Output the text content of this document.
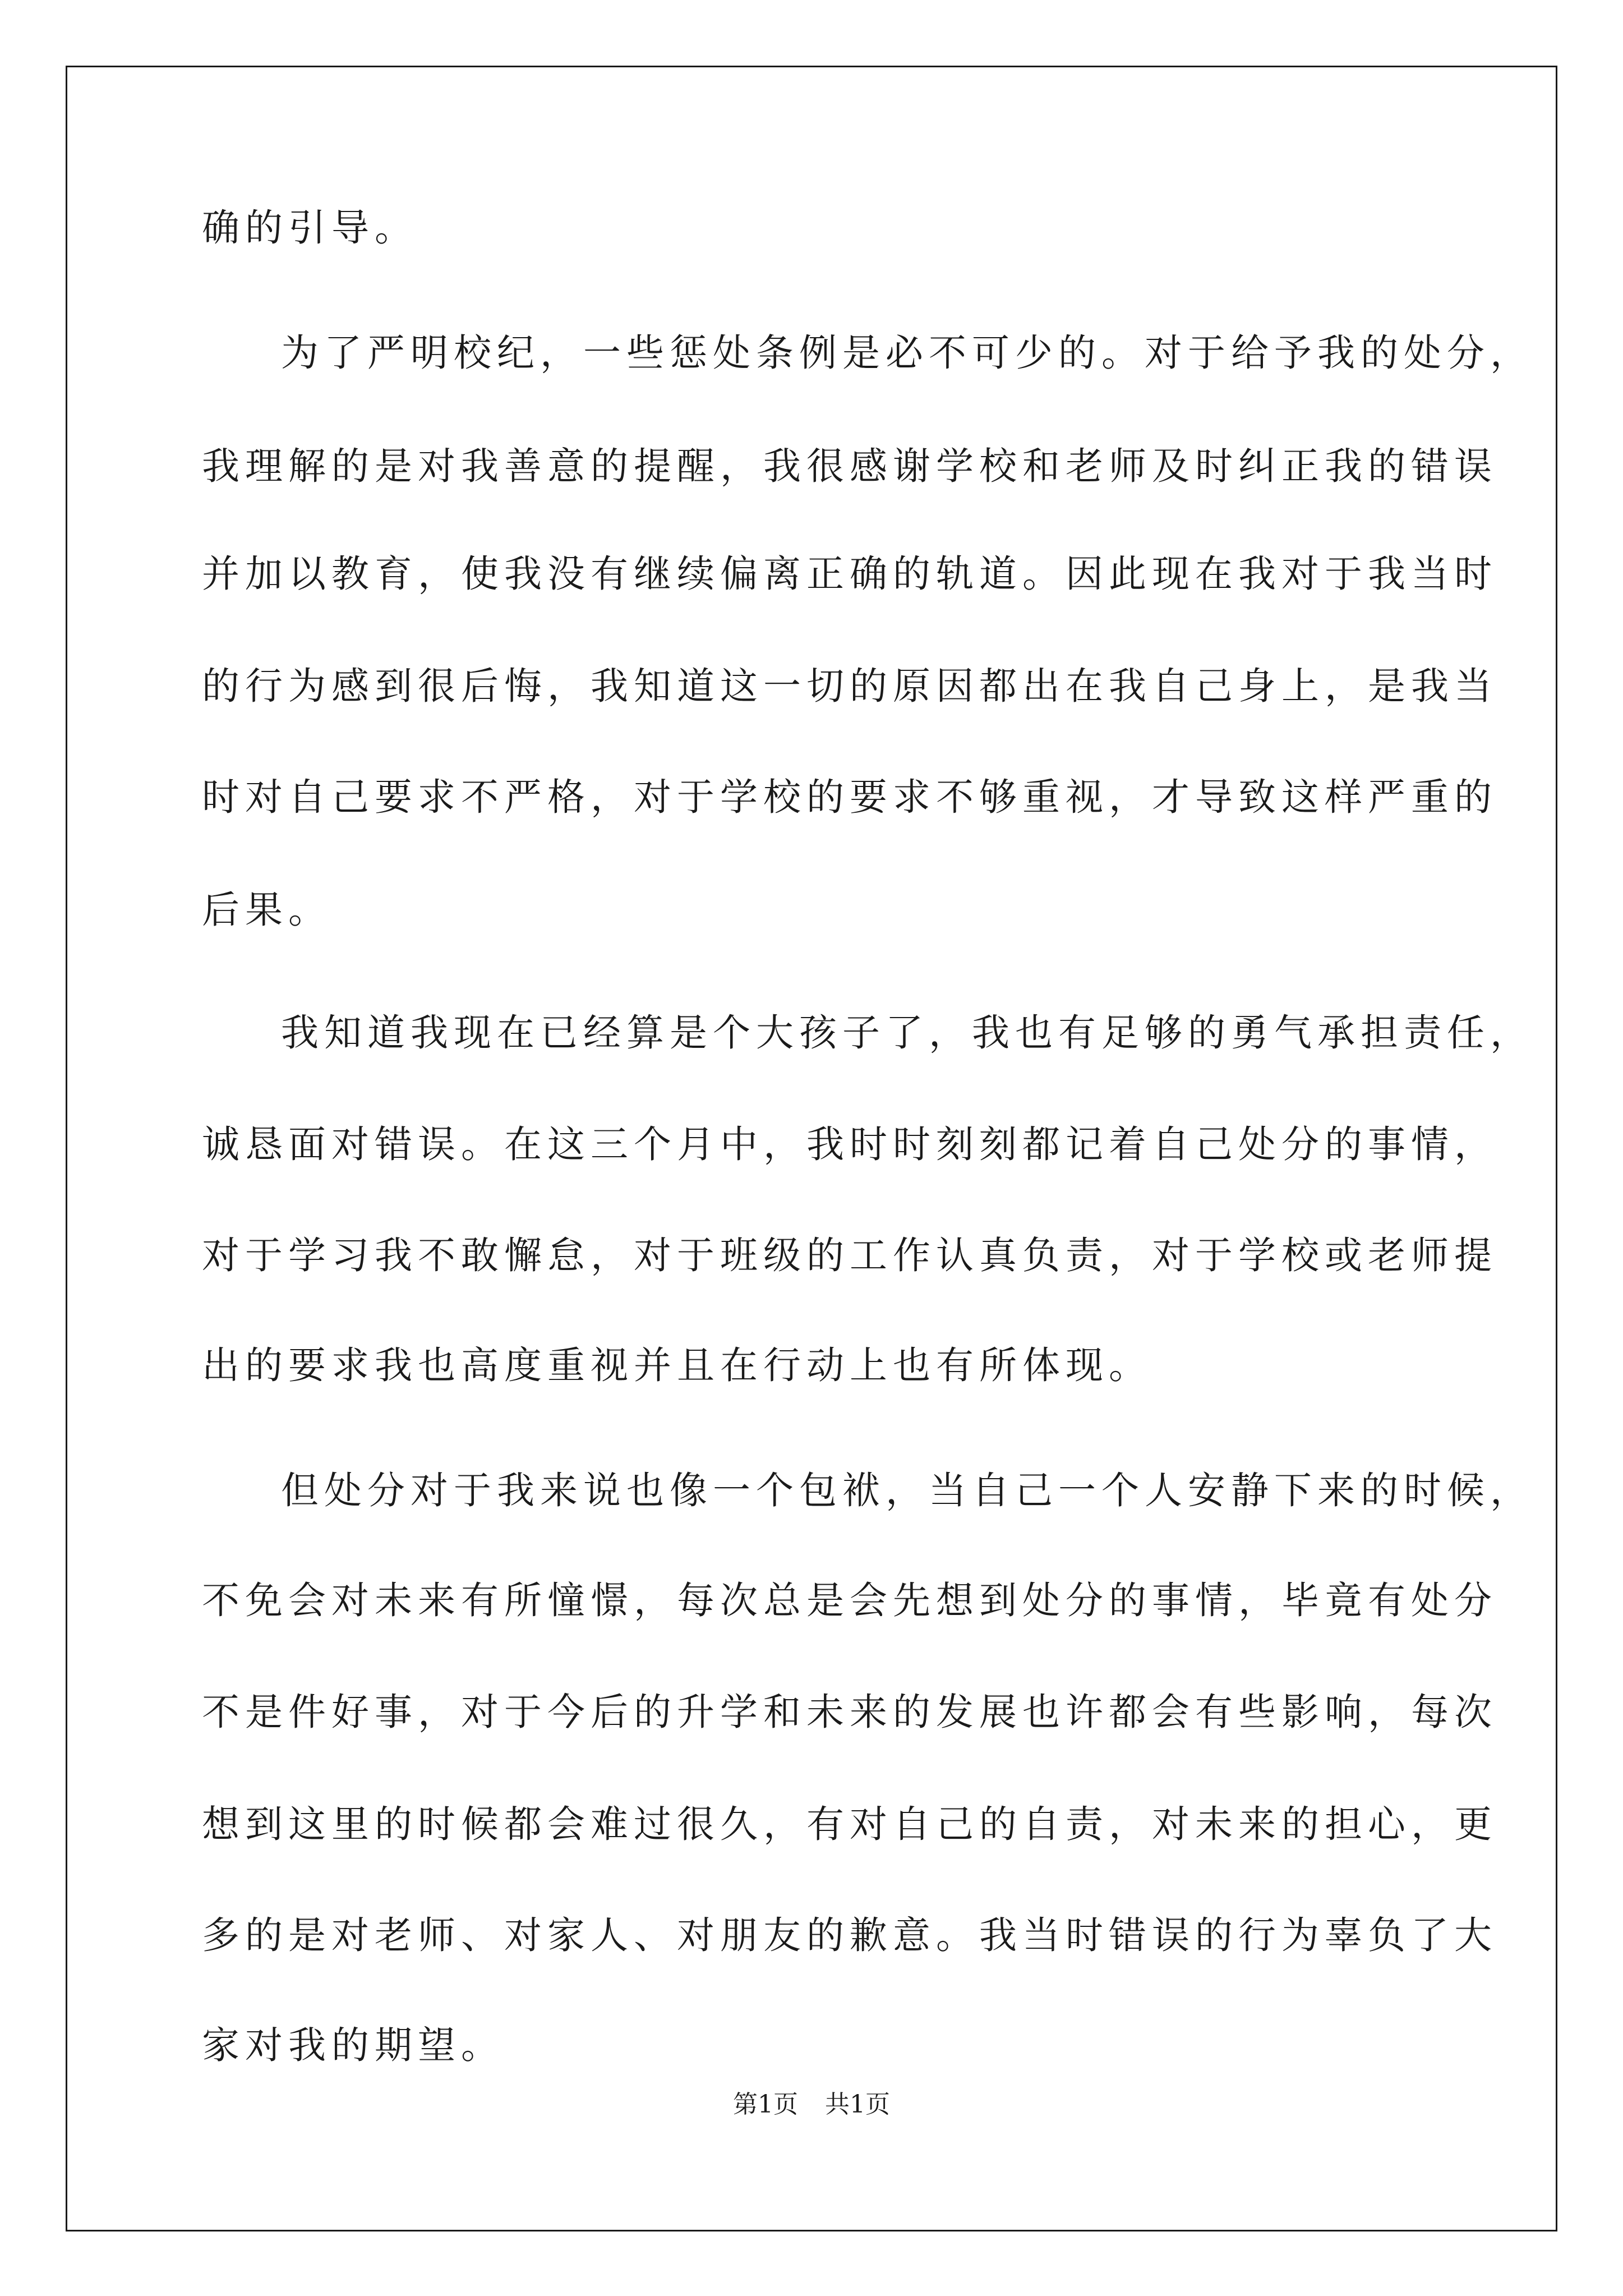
确的引导。
为了严明校纪，一些惩处条例是必不可少的。对于给予我的处分，
我理解的是对我善意的提醒，我很感谢学校和老师及时纠正我的错误
并加以教育，使我没有继续偏离正确的轨道。因此现在我对于我当时
的行为感到很后悔，我知道这一切的原因都出在我自己身上，是我当
时对自己要求不严格，对于学校的要求不够重视，才导致这样严重的
后果。
我知道我现在已经算是个大孩子了，我也有足够的勇气承担责任，
诚恳面对错误。在这三个月中，我时时刻刻都记着自己处分的事情，
对于学习我不敢懈怠，对于班级的工作认真负责，对于学校或老师提
出的要求我也高度重视并且在行动上也有所体现。
但处分对于我来说也像一个包袱，当自己一个人安静下来的时候，
不免会对未来有所憧憬，每次总是会先想到处分的事情，毕竟有处分
不是件好事，对于今后的升学和未来的发展也许都会有些影响，每次
想到这里的时候都会难过很久，有对自己的自责，对未来的担心，更
多的是对老师、对家人、对朋友的歉意。我当时错误的行为辜负了大
家对我的期望。
第1页 共1页
